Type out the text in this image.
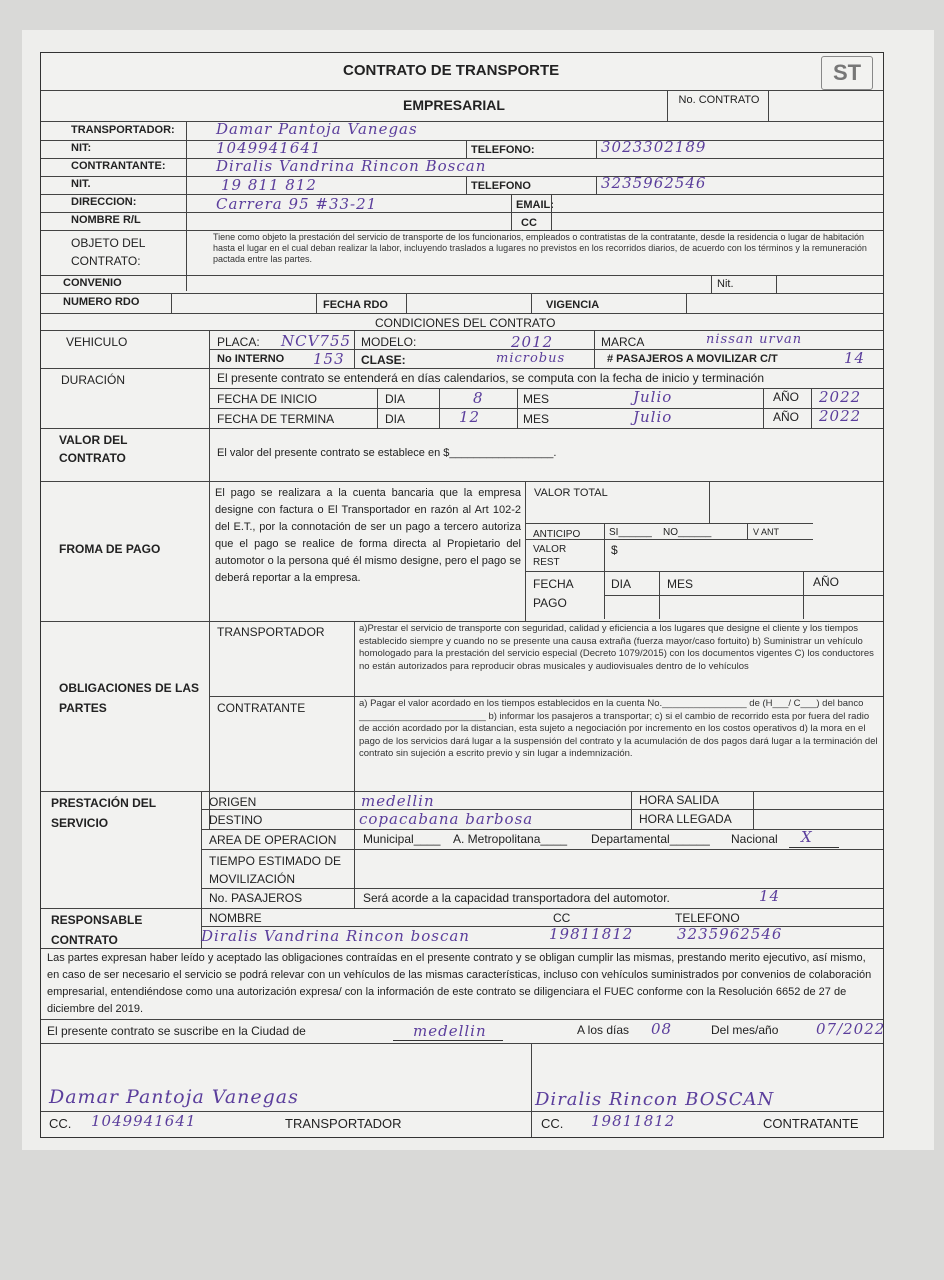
CONTRATO DE TRANSPORTE	ST
EMPRESARIAL	No. CONTRATO
TRANSPORTADOR:	Damar Pantoja Vanegas
NIT:	1049941641	TELEFONO:	3023302189
CONTRANTANTE:	Diralis Vandrina Rincon Boscan
NIT.	19 811 812	TELEFONO	3235962546
DIRECCION:	Carrera 95 #33-21	EMAIL:
NOMBRE R/L	CC
OBJETO DEL CONTRATO:
Tiene como objeto la prestación del servicio de transporte de los funcionarios, empleados o contratistas de la contratante, desde la residencia o lugar de habitación hasta el lugar en el cual deban realizar la labor, incluyendo traslados a lugares no previstos en los recorridos diarios, de acuerdo con los términos y la remuneración pactada entre las partes.
CONVENIO	Nit.
NUMERO RDO	FECHA RDO	VIGENCIA
CONDICIONES DEL CONTRATO
VEHICULO	PLACA: NCV755 MODELO:	2012	MARCA	nissan urvan
No INTERNO 153 CLASE:	microbus	# PASAJEROS A MOVILIZAR C/T	14
DURACIÓN	El presente contrato se entenderá en días calendarios, se computa con la fecha de inicio y terminación
FECHA DE INICIO	DIA	8	MES	Julio	AÑO 2022
FECHA DE TERMINA	DIA	12	MES	Julio	AÑO 2022
VALOR DEL CONTRATO	El valor del presente contrato se establece en $_________________.
FROMA DE PAGO
El pago se realizara a la cuenta bancaria que la empresa designe con factura o El Transportador en razón al Art 102-2 del E.T., por la connotación de ser un pago a tercero autoriza que el pago se realice de forma directa al Propietario del automotor o la persona qué él mismo designe, pero el pago se deberá reportar a la empresa.
VALOR TOTAL
ANTICIPO	SI______ NO______	V ANT
VALOR REST
$
FECHA PAGO
DIA	MES	AÑO
OBLIGACIONES DE LAS PARTES
TRANSPORTADOR	a)Prestar el servicio de transporte con seguridad, calidad y eficiencia a los lugares que designe el cliente y los tiempos establecido siempre y cuando no se presente una causa extraña (fuerza mayor/caso fortuito) b) Suministrar un vehículo homologado para la prestación del servicio especial (Decreto 1079/2015) con los documentos vigentes C) los conductores no están autorizados para reproducir obras musicales y audiovisuales dentro de lo vehículos
CONTRATANTE	a) Pagar el valor acordado en los tiempos establecidos en la cuenta No.________________ de (H___/ C___) del banco ________________________ b) informar los pasajeros a transportar; c) si el cambio de recorrido esta por fuera del radio de acción acordado por la distancian, esta sujeto a negociación por incremento en los costos operativos d) la mora en el pago de los servicios dará lugar a la suspensión del contrato y la acumulación de dos pagos dará lugar a la terminación del contrato sin sujeción a escrito previo y sin lugar a indemnización.
PRESTACIÓN DEL SERVICIO
ORIGEN	medellin	HORA SALIDA
DESTINO	copacabana barbosa	HORA LLEGADA
AREA DE OPERACION Municipal____ A. Metropolitana____ Departamental______ Nacional X
TIEMPO ESTIMADO DE MOVILIZACIÓN
No. PASAJEROS	Será acorde a la capacidad transportadora del automotor.	14
RESPONSABLE CONTRATO
NOMBRE	CC	TELEFONO
Diralis Vandrina Rincon boscan	19811812	3235962546
Las partes expresan haber leído y aceptado las obligaciones contraídas en el presente contrato y se obligan cumplir las mismas, prestando merito ejecutivo, así mismo, en caso de ser necesario el servicio se podrá relevar con un vehículos de las mismas características, incluso con vehículos suministrados por convenios de colaboración empresarial, entendiéndose como una autorización expresa/ con la información de este contrato se diligenciara el FUEC conforme con la Resolución 6652 de 27 de diciembre del 2019.
El presente contrato se suscribe en la Ciudad de	medellin	A los días 08	Del mes/año	07/2022
Damar Pantoja Vanegas	Diralis Rincon BOSCAN
CC. 1049941641	TRANSPORTADOR	CC. 19811812	CONTRATANTE
